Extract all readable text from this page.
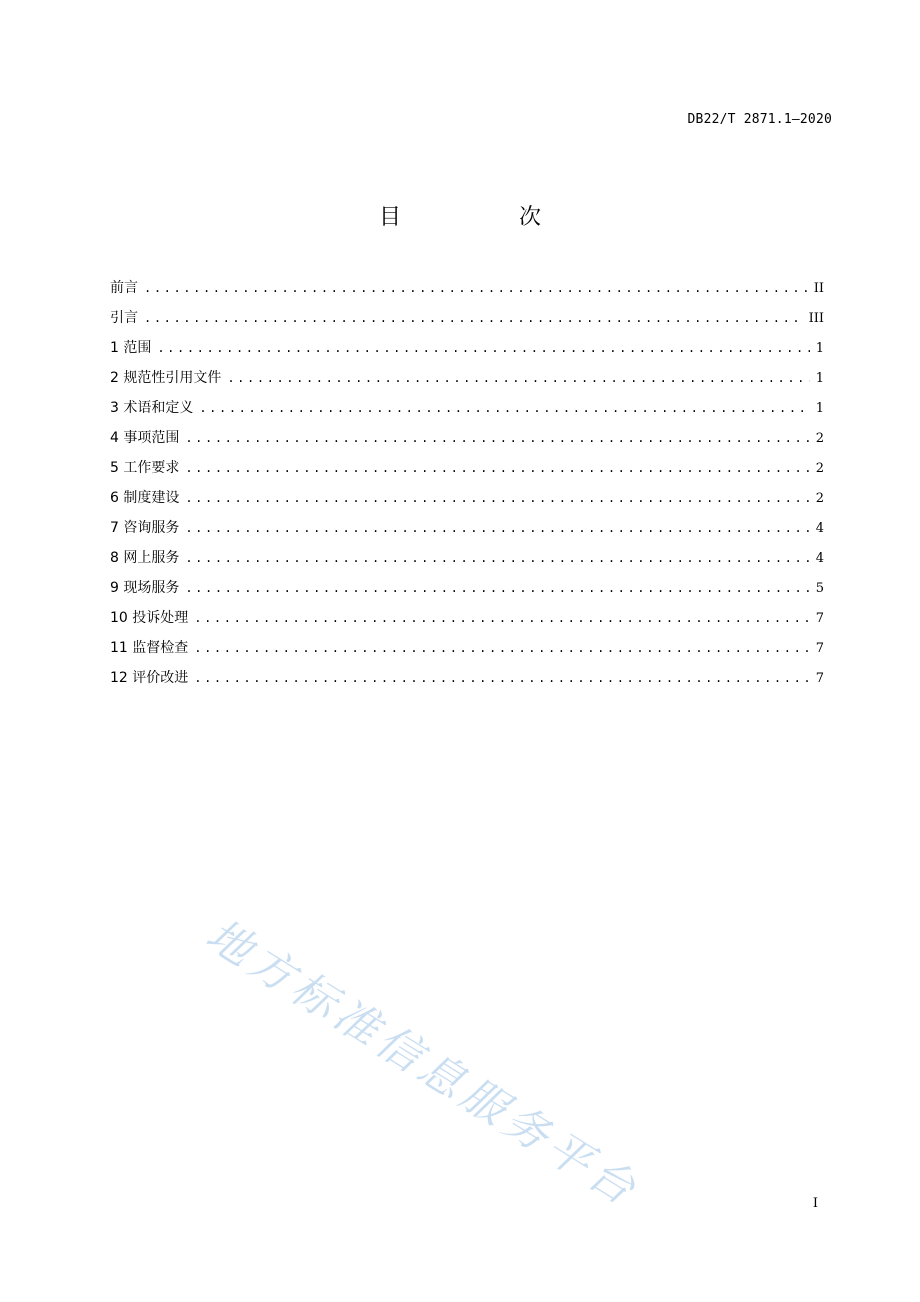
DB22/T 2871.1—2020
目　次
前言 .....	II
引言 .....	III
1 范围 .....	1
2 规范性引用文件 .....	1
3 术语和定义 .....	1
4 事项范围 .....	2
5 工作要求 .....	2
6 制度建设 .....	2
7 咨询服务 .....	4
8 网上服务 .....	4
9 现场服务 .....	5
10 投诉处理 .....	7
11 监督检查 .....	7
12 评价改进 .....	7
地方标准信息服务平台	I
